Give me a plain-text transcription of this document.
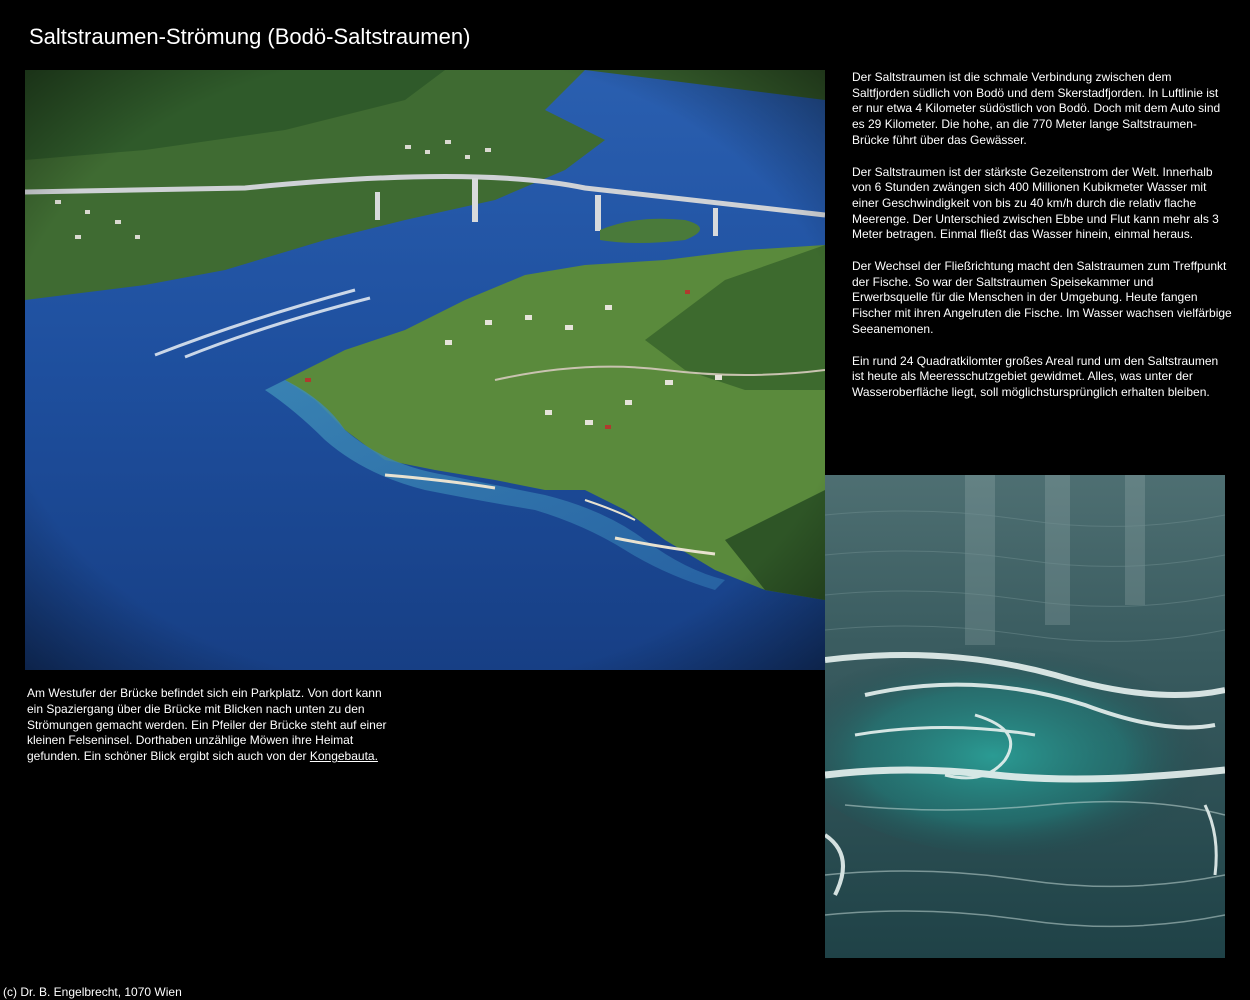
Saltstraumen-Strömung (Bodö-Saltstraumen)

Der Saltstraumen ist die schmale Verbindung zwischen dem Saltfjorden südlich von Bodö und dem Skerstadfjorden. In Luftlinie ist er nur etwa 4 Kilometer südöstlich von Bodö. Doch mit dem Auto sind es 29 Kilometer. Die hohe, an die 770 Meter lange Saltstraumen-Brücke führt über das Gewässer.

Der Saltstraumen ist der stärkste Gezeitenstrom der Welt. Innerhalb von 6 Stunden zwängen sich 400 Millionen Kubikmeter Wasser mit einer Geschwindigkeit von bis zu 40 km/h durch die relativ flache Meerenge. Der Unterschied zwischen Ebbe und Flut kann mehr als 3 Meter betragen. Einmal fließt das Wasser hinein, einmal heraus.

Der Wechsel der Fließrichtung macht den Salstraumen zum Treffpunkt der Fische. So war der Saltstraumen Speisekammer und Erwerbsquelle für die Menschen in der Umgebung. Heute fangen Fischer mit ihren Angelruten die Fische. Im Wasser wachsen vielfärbige Seeanemonen.

Ein rund 24 Quadratkilomter großes Areal rund um den Saltstraumen ist heute als Meeresschutzgebiet gewidmet. Alles, was unter der Wasseroberfläche liegt, soll möglichstursprünglich erhalten bleiben.

Am Westufer der Brücke befindet sich ein Parkplatz. Von dort kann ein Spaziergang über die Brücke mit Blicken nach unten zu den Strömungen gemacht werden. Ein Pfeiler der Brücke steht auf einer kleinen Felseninsel. Dorthaben unzählige Möwen ihre Heimat gefunden. Ein schöner Blick ergibt sich auch von der Kongebauta.
(c) Dr. B. Engelbrecht, 1070 Wien
